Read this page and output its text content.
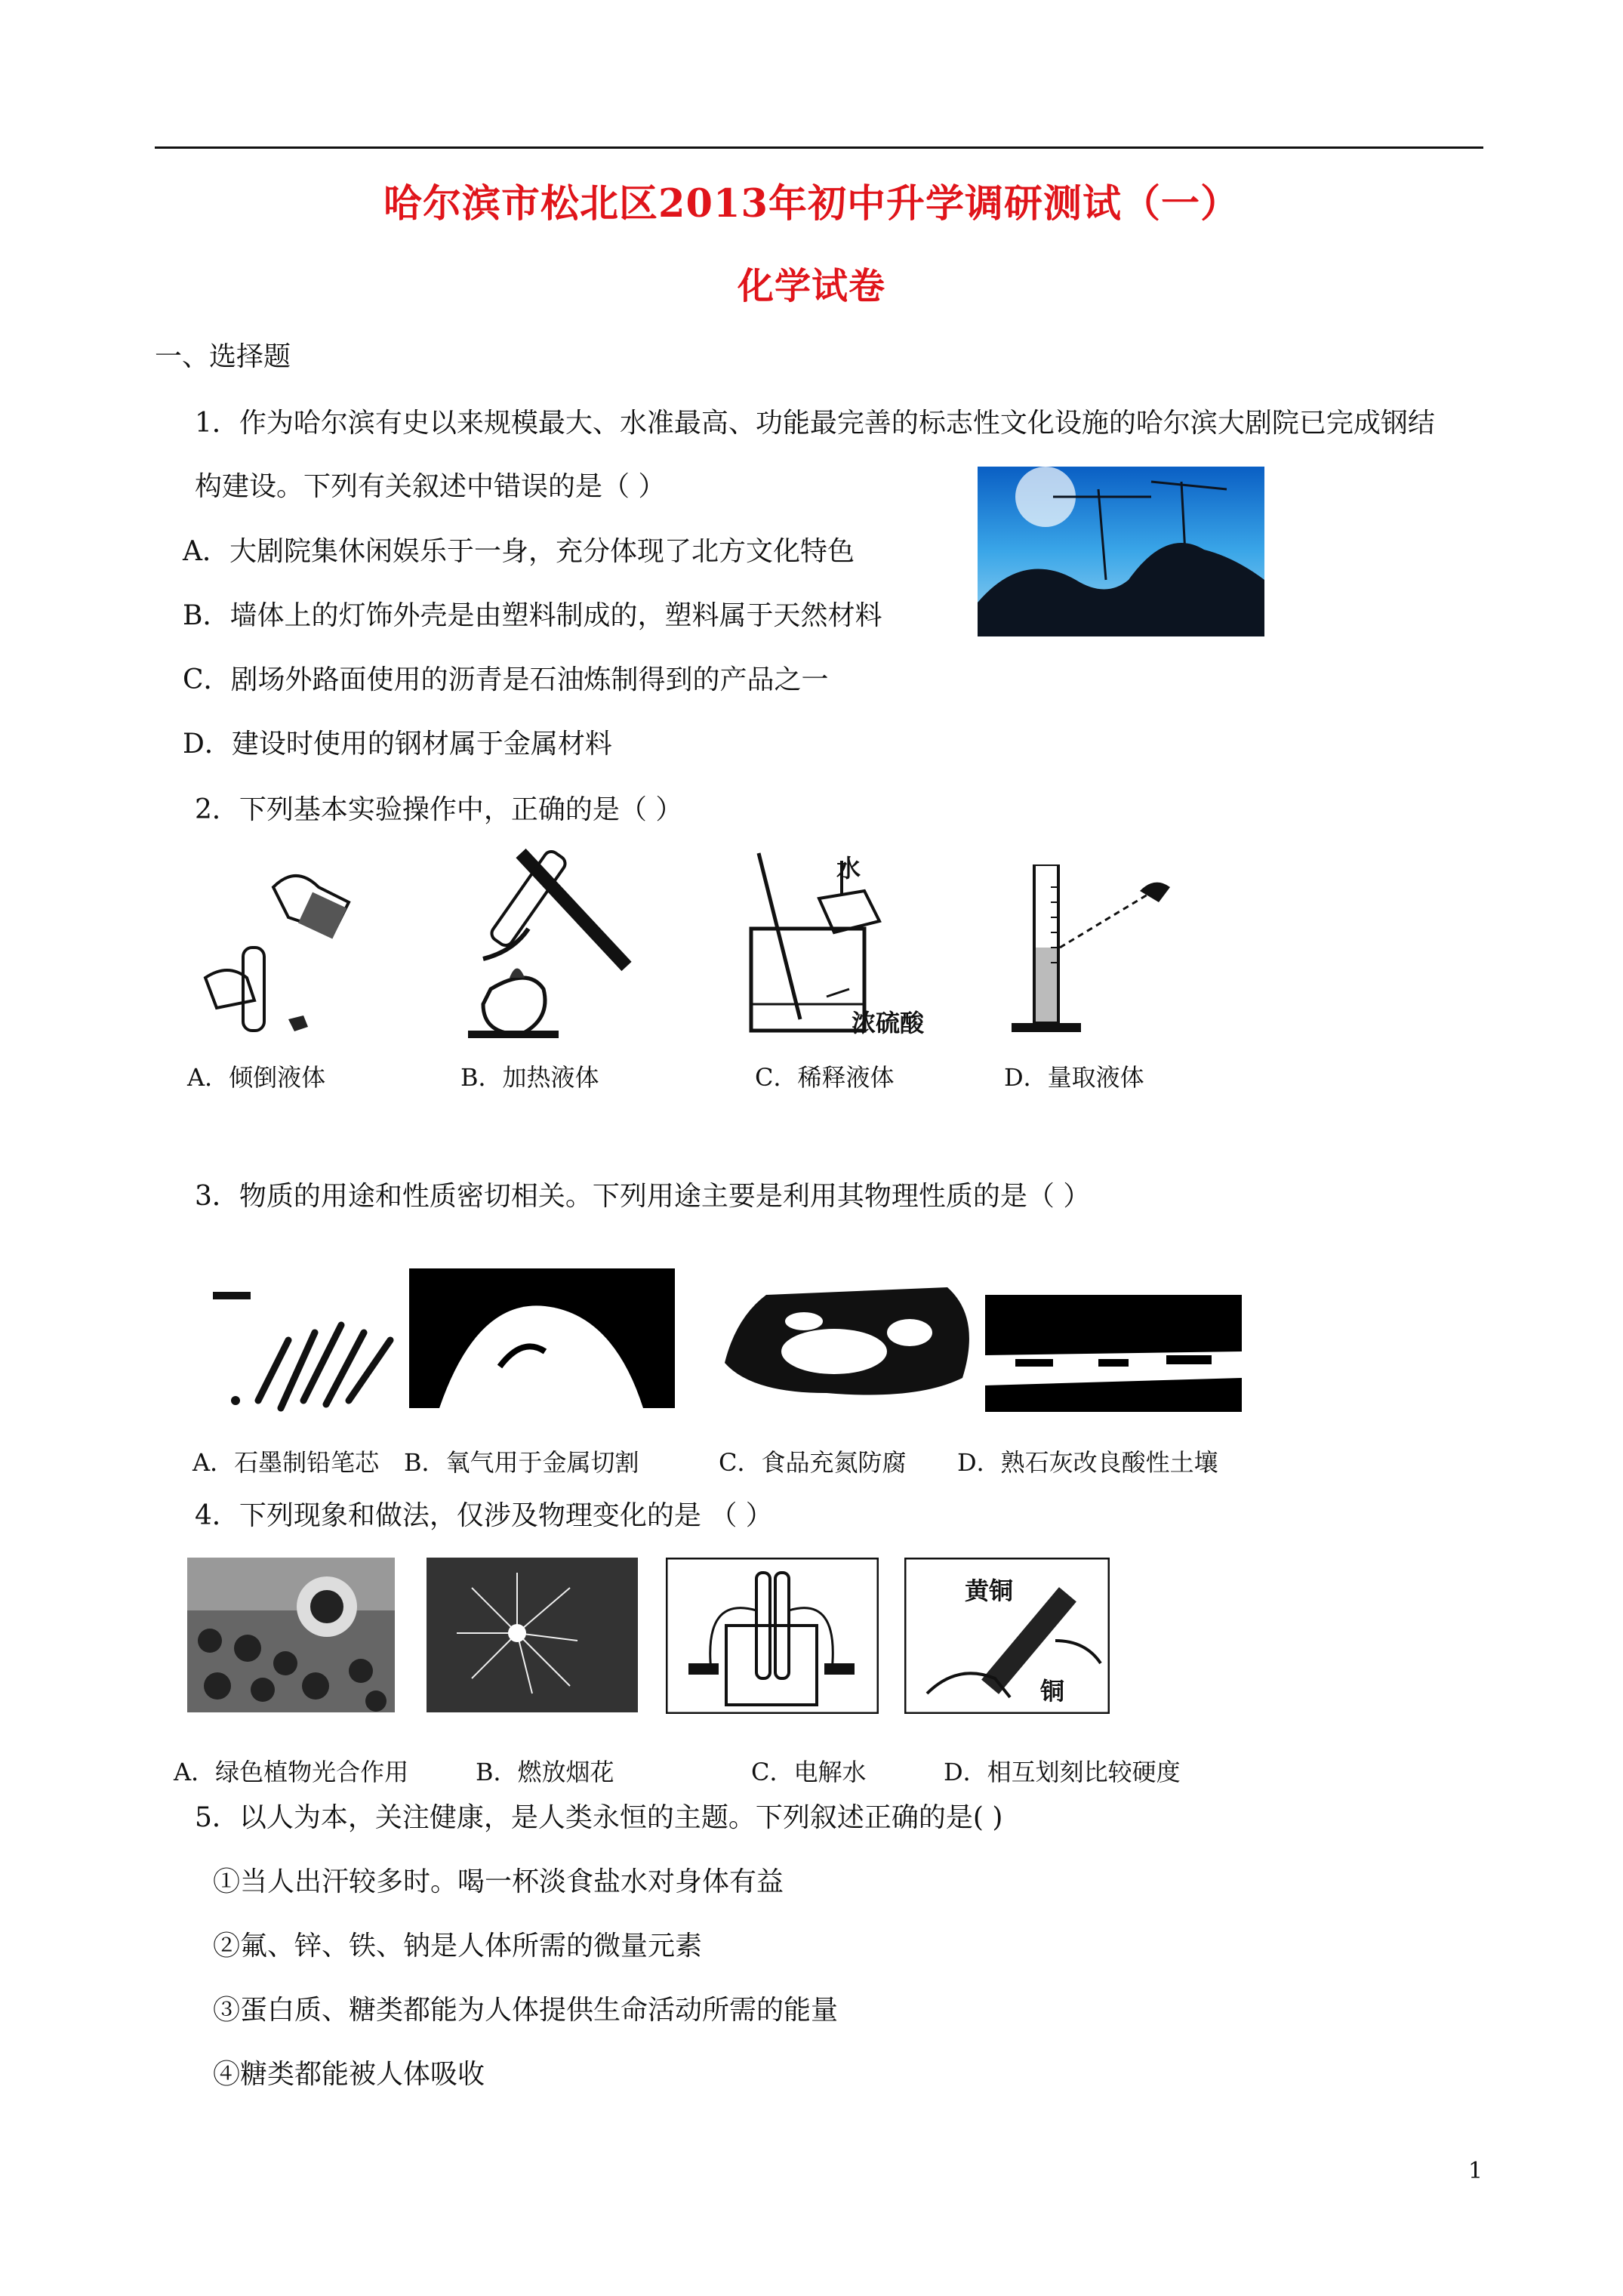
哈尔滨市松北区2013年初中升学调研测试（一）
化学试卷
一、选择题
1．作为哈尔滨有史以来规模最大、水准最高、功能最完善的标志性文化设施的哈尔滨大剧院已完成钢结
构建设。下列有关叙述中错误的是（ ）
A．大剧院集休闲娱乐于一身，充分体现了北方文化特色
B．墙体上的灯饰外壳是由塑料制成的，塑料属于天然材料
C．剧场外路面使用的沥青是石油炼制得到的产品之一
D．建设时使用的钢材属于金属材料
2．下列基本实验操作中，正确的是（ ）
水
浓硫酸
A．倾倒液体	B．加热液体	C．稀释液体	D．量取液体
3．物质的用途和性质密切相关。下列用途主要是利用其物理性质的是（ ）
A．石墨制铅笔芯 B．氧气用于金属切割	C．食品充氮防腐 D．熟石灰改良酸性土壤
4．下列现象和做法，仅涉及物理变化的是 （ ）
黄铜
铜
A．绿色植物光合作用	B．燃放烟花	C．电解水	D．相互划刻比较硬度
5．以人为本，关注健康，是人类永恒的主题。下列叙述正确的是( )
①当人出汗较多时。喝一杯淡食盐水对身体有益
②氟、锌、铁、钠是人体所需的微量元素
③蛋白质、糖类都能为人体提供生命活动所需的能量
④糖类都能被人体吸收
1
